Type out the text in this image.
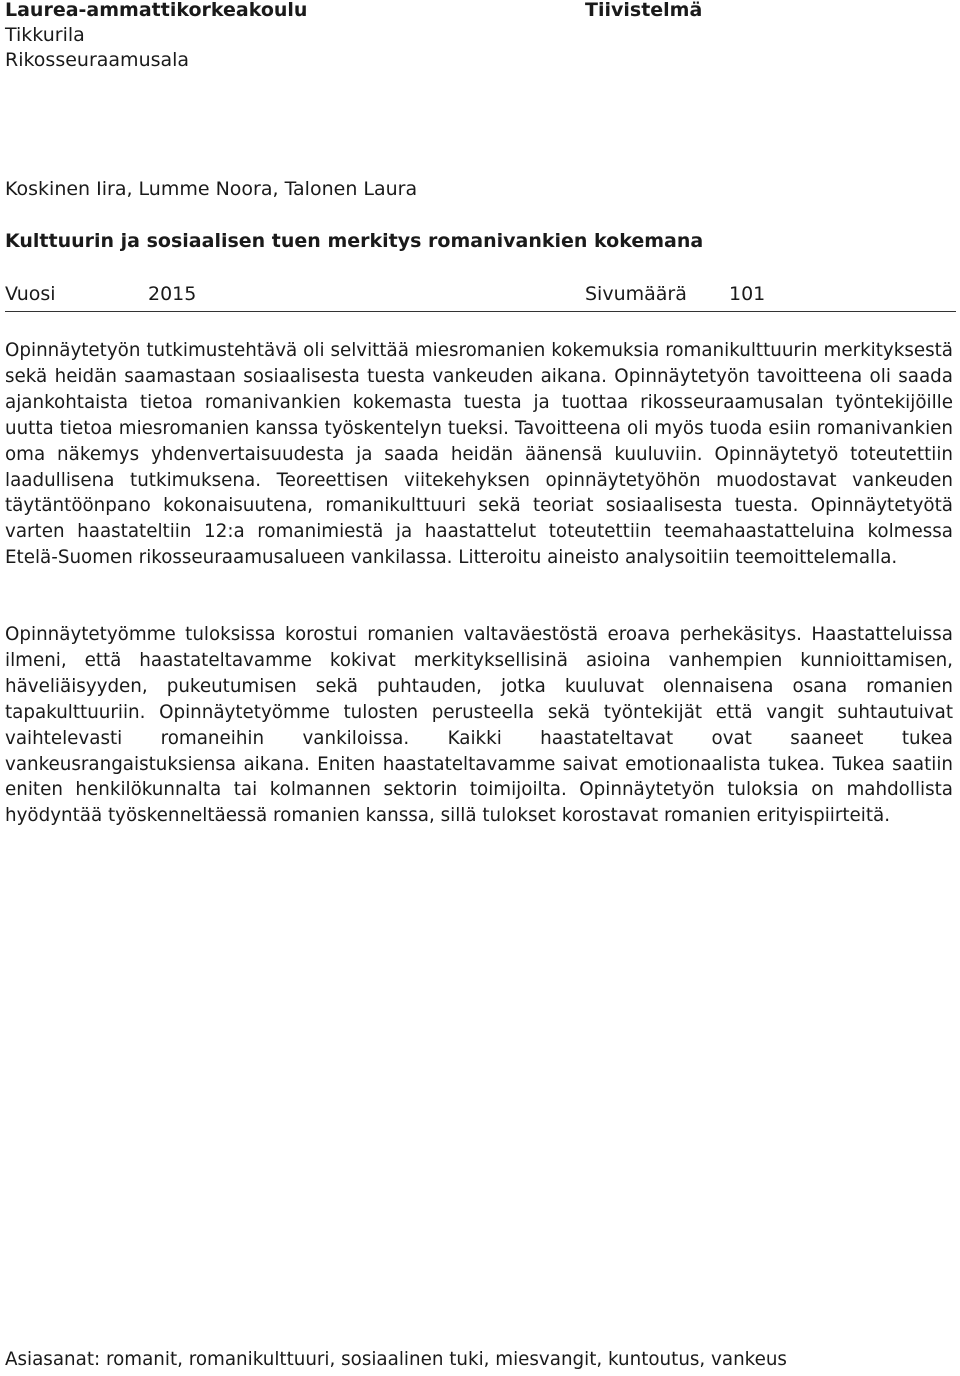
Laurea-ammattikorkeakoulu
Tikkurila
Rikosseuraamusala
Tiivistelmä
Koskinen Iira, Lumme Noora, Talonen Laura
Kulttuurin ja sosiaalisen tuen merkitys romanivankien kokemana
Vuosi	2015	Sivumäärä 101

Opinnäytetyön tutkimustehtävä oli selvittää miesromanien kokemuksia romanikulttuurin merkityksestä sekä heidän saamastaan sosiaalisesta tuesta vankeuden aikana. Opinnäytetyön tavoitteena oli saada ajankohtaista tietoa romanivankien kokemasta tuesta ja tuottaa rikosseuraamusalan työntekijöille uutta tietoa miesromanien kanssa työskentelyn tueksi. Tavoitteena oli myös tuoda esiin romanivankien oma näkemys yhdenvertaisuudesta ja saada heidän äänensä kuuluviin. Opinnäytetyö toteutettiin laadullisena tutkimuksena. Teoreettisen viitekehyksen opinnäytetyöhön muodostavat vankeuden täytäntöönpano kokonaisuutena, romanikulttuuri sekä teoriat sosiaalisesta tuesta. Opinnäytetyötä varten haastateltiin 12:a romanimiestä ja haastattelut toteutettiin teemahaastatteluina kolmessa Etelä-Suomen rikosseuraamusalueen vankilassa. Litteroitu aineisto analysoitiin teemoittelemalla.

Opinnäytetyömme tuloksissa korostui romanien valtaväestöstä eroava perhekäsitys. Haastatteluissa ilmeni, että haastateltavamme kokivat merkityksellisinä asioina vanhempien kunnioittamisen, häveliäisyyden, pukeutumisen sekä puhtauden, jotka kuuluvat olennaisena osana romanien tapakulttuuriin. Opinnäytetyömme tulosten perusteella sekä työntekijät että vangit suhtautuivat vaihtelevasti romaneihin vankiloissa. Kaikki haastateltavat ovat saaneet tukea vankeusrangaistuksiensa aikana. Eniten haastateltavamme saivat emotionaalista tukea. Tukea saatiin eniten henkilökunnalta tai kolmannen sektorin toimijoilta. Opinnäytetyön tuloksia on mahdollista hyödyntää työskenneltäessä romanien kanssa, sillä tulokset korostavat romanien erityispiirteitä.

Asiasanat: romanit, romanikulttuuri, sosiaalinen tuki, miesvangit, kuntoutus, vankeus
